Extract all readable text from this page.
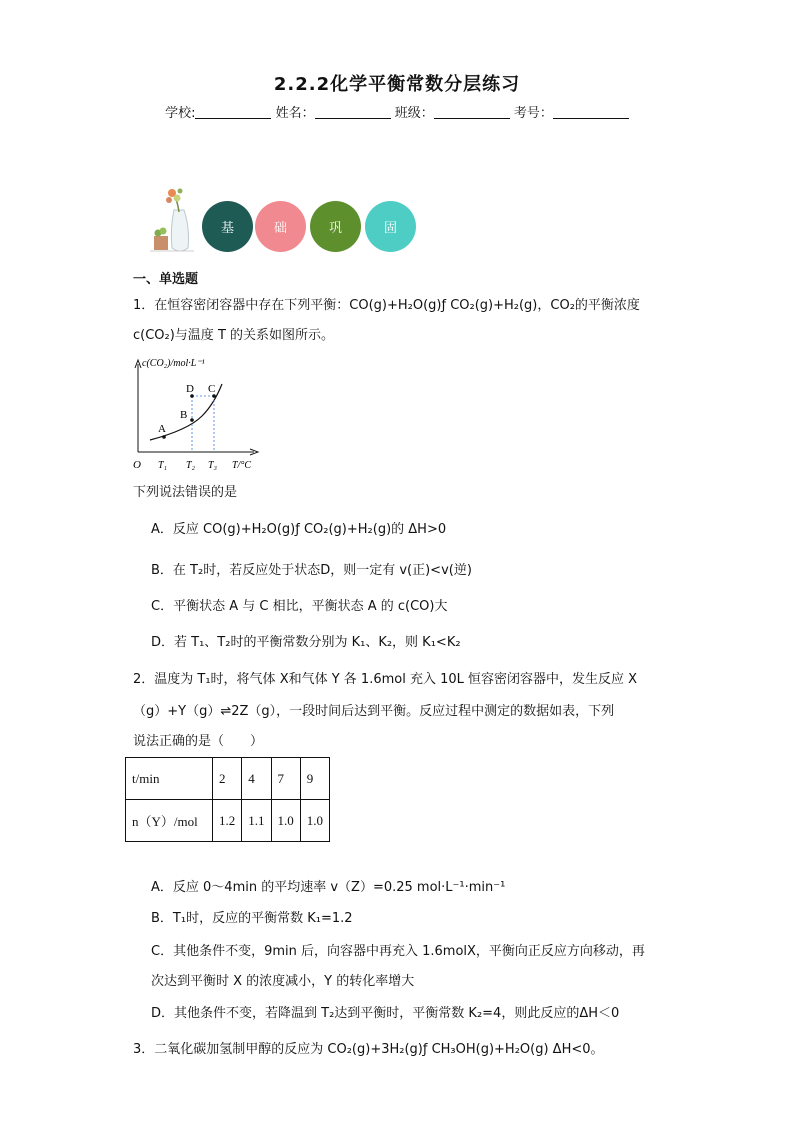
2.2.2化学平衡常数分层练习
学校:	姓名：	班级：	考号：
基	础	巩	固
一、单选题
1．在恒容密闭容器中存在下列平衡：CO(g)+H₂O(g)ƒ CO₂(g)+H₂(g)，CO₂的平衡浓度
c(CO₂)与温度 T 的关系如图所示。
A
B
C
D
c(CO₂)/mol·L⁻¹
O T₁ T₂ T₃ T/°C
下列说法错误的是
A．反应 CO(g)+H₂O(g)ƒ CO₂(g)+H₂(g)的 ΔH>0
B．在 T₂时，若反应处于状态D，则一定有 v(正)<v(逆)
C．平衡状态 A 与 C 相比，平衡状态 A 的 c(CO)大
D．若 T₁、T₂时的平衡常数分别为 K₁、K₂，则 K₁<K₂
2．温度为 T₁时，将气体 X和气体 Y 各 1.6mol 充入 10L 恒容密闭容器中，发生反应 X
（g）+Y（g）⇌2Z（g），一段时间后达到平衡。反应过程中测定的数据如表，下列
说法正确的是（　　）
t/min	2	4	7	9
n（Y）/mol	1.2	1.1	1.0	1.0
A．反应 0～4min 的平均速率 v（Z）=0.25 mol·L⁻¹·min⁻¹
B．T₁时，反应的平衡常数 K₁=1.2
C．其他条件不变，9min 后，向容器中再充入 1.6molX，平衡向正反应方向移动，再
次达到平衡时 X 的浓度减小，Y 的转化率增大
D．其他条件不变，若降温到 T₂达到平衡时，平衡常数 K₂=4，则此反应的ΔH＜0
3．二氧化碳加氢制甲醇的反应为 CO₂(g)+3H₂(g)ƒ CH₃OH(g)+H₂O(g) ΔH<0。
